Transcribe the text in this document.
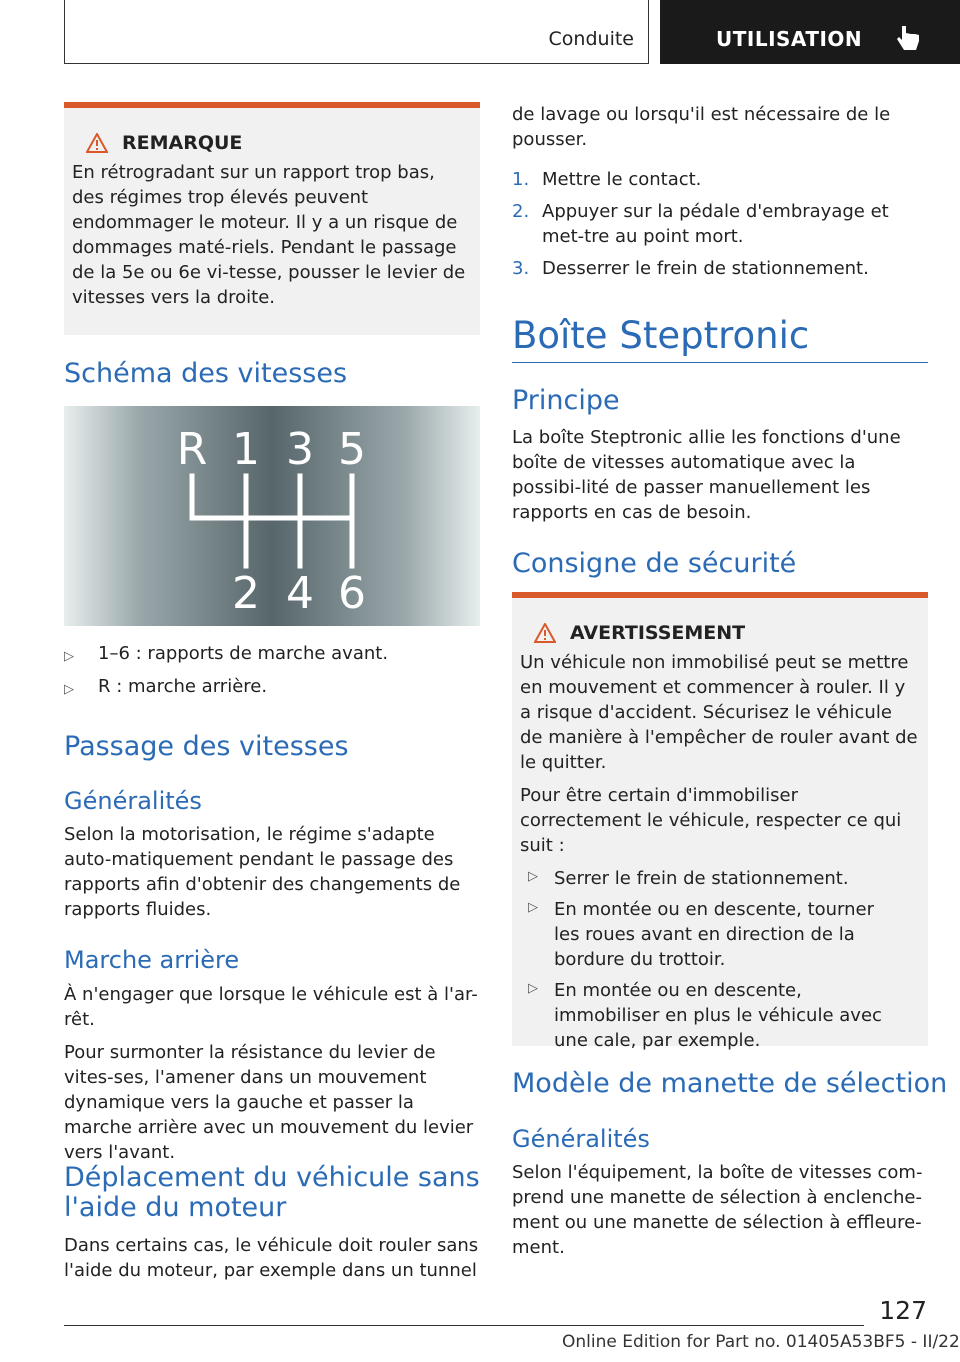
Conduite	UTILISATION
REMARQUE

En rétrogradant sur un rapport trop bas, des régimes trop élevés peuvent endommager le moteur. Il y a un risque de dommages maté-riels. Pendant le passage de la 5e ou 6e vi-tesse, pousser le levier de vitesses vers la droite.

Schéma des vitesses
R 1 3 5
2 4 6
▷	1–6 : rapports de marche avant.
▷	R : marche arrière.
Passage des vitesses
Généralités

Selon la motorisation, le régime s'adapte auto-matiquement pendant le passage des rapports afin d'obtenir des changements de rapports fluides.

Marche arrière

À n'engager que lorsque le véhicule est à l'ar-rêt.

Pour surmonter la résistance du levier de vites-ses, l'amener dans un mouvement dynamique vers la gauche et passer la marche arrière avec un mouvement du levier vers l'avant.

Déplacement du véhicule sans l'aide du moteur

Dans certains cas, le véhicule doit rouler sans l'aide du moteur, par exemple dans un tunnel

de lavage ou lorsqu'il est nécessaire de le pousser.

1. Mettre le contact.
2. Appuyer sur la pédale d'embrayage et met-tre au point mort.
3. Desserrer le frein de stationnement.
Boîte Steptronic
Principe

La boîte Steptronic allie les fonctions d'une boîte de vitesses automatique avec la possibi-lité de passer manuellement les rapports en cas de besoin.

Consigne de sécurité
AVERTISSEMENT

Un véhicule non immobilisé peut se mettre en mouvement et commencer à rouler. Il y a risque d'accident. Sécurisez le véhicule de manière à l'empêcher de rouler avant de le quitter.

Pour être certain d'immobiliser correctement le véhicule, respecter ce qui suit :

▷ Serrer le frein de stationnement.
▷ En montée ou en descente, tourner les roues avant en direction de la bordure du trottoir.
▷ En montée ou en descente, immobiliser en plus le véhicule avec une cale, par exemple.
Modèle de manette de sélection
Généralités

Selon l'équipement, la boîte de vitesses com-prend une manette de sélection à enclenche-ment ou une manette de sélection à effleure-ment.

127
Online Edition for Part no. 01405A53BF5 - II/22
